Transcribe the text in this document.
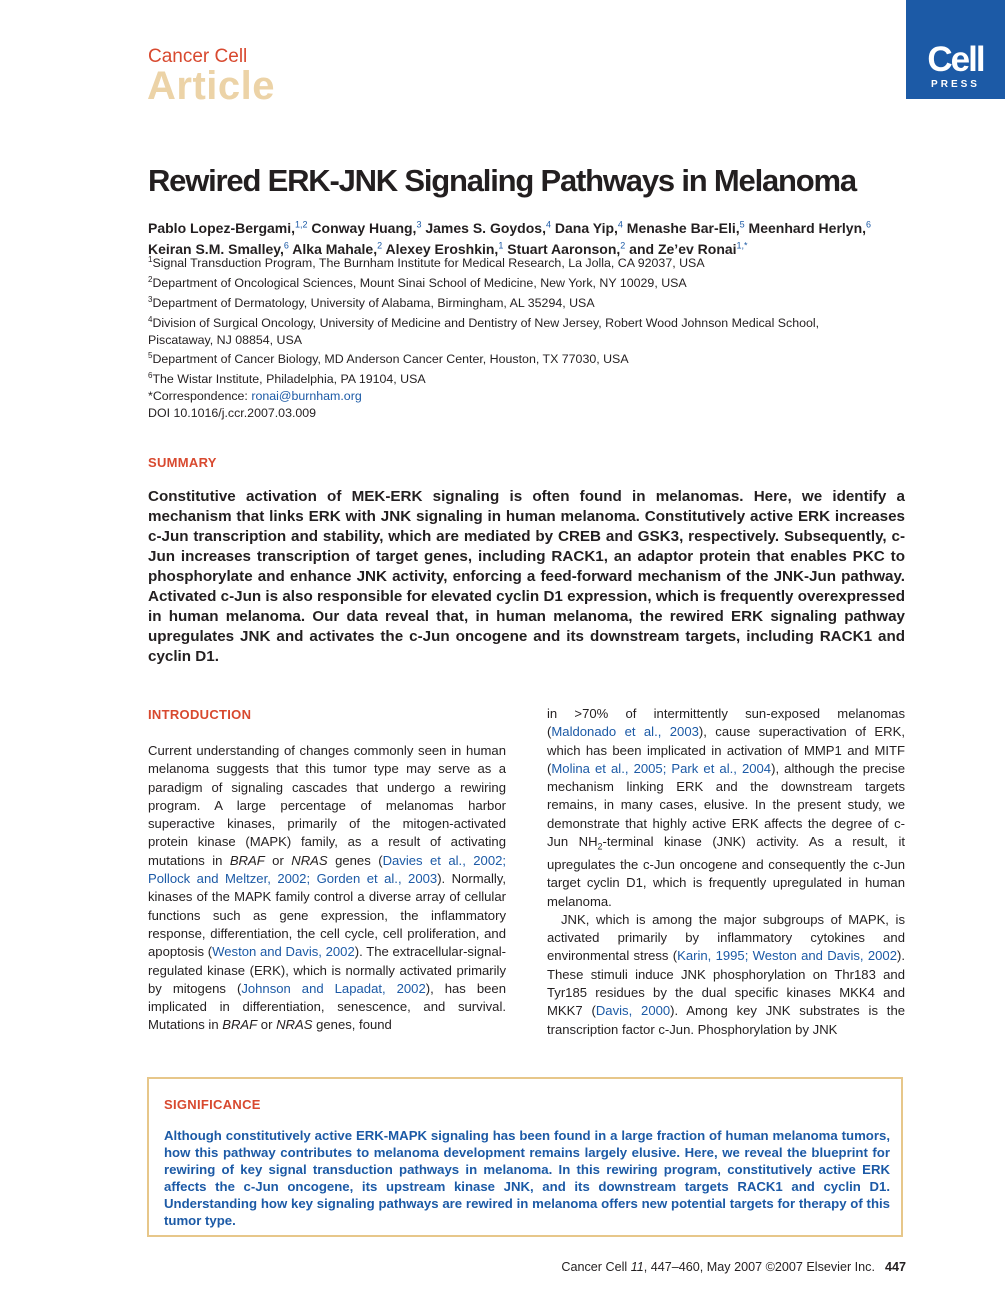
Cancer Cell
Article
Cell
PRESS
Rewired ERK-JNK Signaling Pathways in Melanoma
Pablo Lopez-Bergami,$^{1,2}$ Conway Huang,$^3$ James S. Goydos,$^4$ Dana Yip,$^4$ Menashe Bar-Eli,$^5$ Meenhard Herlyn,$^6$
Keiran S.M. Smalley,$^6$ Alka Mahale,$^2$ Alexey Eroshkin,$^1$ Stuart Aaronson,$^2$ and Ze’ev Ronai$^{1,*}$
$^1$Signal Transduction Program, The Burnham Institute for Medical Research, La Jolla, CA 92037, USA
$^2$Department of Oncological Sciences, Mount Sinai School of Medicine, New York, NY 10029, USA
$^3$Department of Dermatology, University of Alabama, Birmingham, AL 35294, USA
$^4$Division of Surgical Oncology, University of Medicine and Dentistry of New Jersey, Robert Wood Johnson Medical School,
Piscataway, NJ 08854, USA
$^5$Department of Cancer Biology, MD Anderson Cancer Center, Houston, TX 77030, USA
$^6$The Wistar Institute, Philadelphia, PA 19104, USA
*Correspondence: ronai@burnham.org
DOI 10.1016/j.ccr.2007.03.009
SUMMARY
Constitutive activation of MEK-ERK signaling is often found in melanomas. Here, we identify a mechanism that links ERK with JNK signaling in human melanoma. Constitutively active ERK increases c-Jun transcription and stability, which are mediated by CREB and GSK3, respectively. Subsequently, c-Jun increases transcription of target genes, including RACK1, an adaptor protein that enables PKC to phosphorylate and enhance JNK activity, enforcing a feed-forward mechanism of the JNK-Jun pathway. Activated c-Jun is also responsible for elevated cyclin D1 expression, which is frequently overexpressed in human melanoma. Our data reveal that, in human melanoma, the rewired ERK signaling pathway upregulates JNK and activates the c-Jun oncogene and its downstream targets, including RACK1 and cyclin D1.
INTRODUCTION

Current understanding of changes commonly seen in human melanoma suggests that this tumor type may serve as a paradigm of signaling cascades that undergo a rewiring program. A large percentage of melanomas harbor superactive kinases, primarily of the mitogen-activated protein kinase (MAPK) family, as a result of activating mutations in BRAF or NRAS genes (Davies et al., 2002; Pollock and Meltzer, 2002; Gorden et al., 2003). Normally, kinases of the MAPK family control a diverse array of cellular functions such as gene expression, the inflammatory response, differentiation, the cell cycle, cell proliferation, and apoptosis (Weston and Davis, 2002). The extracellular-signal-regulated kinase (ERK), which is normally activated primarily by mitogens (Johnson and Lapadat, 2002), has been implicated in differentiation, senescence, and survival. Mutations in BRAF or NRAS genes, found

in >70% of intermittently sun-exposed melanomas (Maldonado et al., 2003), cause superactivation of ERK, which has been implicated in activation of MMP1 and MITF (Molina et al., 2005; Park et al., 2004), although the precise mechanism linking ERK and the downstream targets remains, in many cases, elusive. In the present study, we demonstrate that highly active ERK affects the degree of c-Jun $NH_2$-terminal kinase (JNK) activity. As a result, it upregulates the c-Jun oncogene and consequently the c-Jun target cyclin D1, which is frequently upregulated in human melanoma.

JNK, which is among the major subgroups of MAPK, is activated primarily by inflammatory cytokines and environmental stress (Karin, 1995; Weston and Davis, 2002). These stimuli induce JNK phosphorylation on Thr183 and Tyr185 residues by the dual specific kinases MKK4 and MKK7 (Davis, 2000). Among key JNK substrates is the transcription factor c-Jun. Phosphorylation by JNK

SIGNIFICANCE
Although constitutively active ERK-MAPK signaling has been found in a large fraction of human melanoma tumors, how this pathway contributes to melanoma development remains largely elusive. Here, we reveal the blueprint for rewiring of key signal transduction pathways in melanoma. In this rewiring program, constitutively active ERK affects the c-Jun oncogene, its upstream kinase JNK, and its downstream targets RACK1 and cyclin D1. Understanding how key signaling pathways are rewired in melanoma offers new potential targets for therapy of this tumor type.
Cancer Cell 11, 447–460, May 2007 ©2007 Elsevier Inc. 447
